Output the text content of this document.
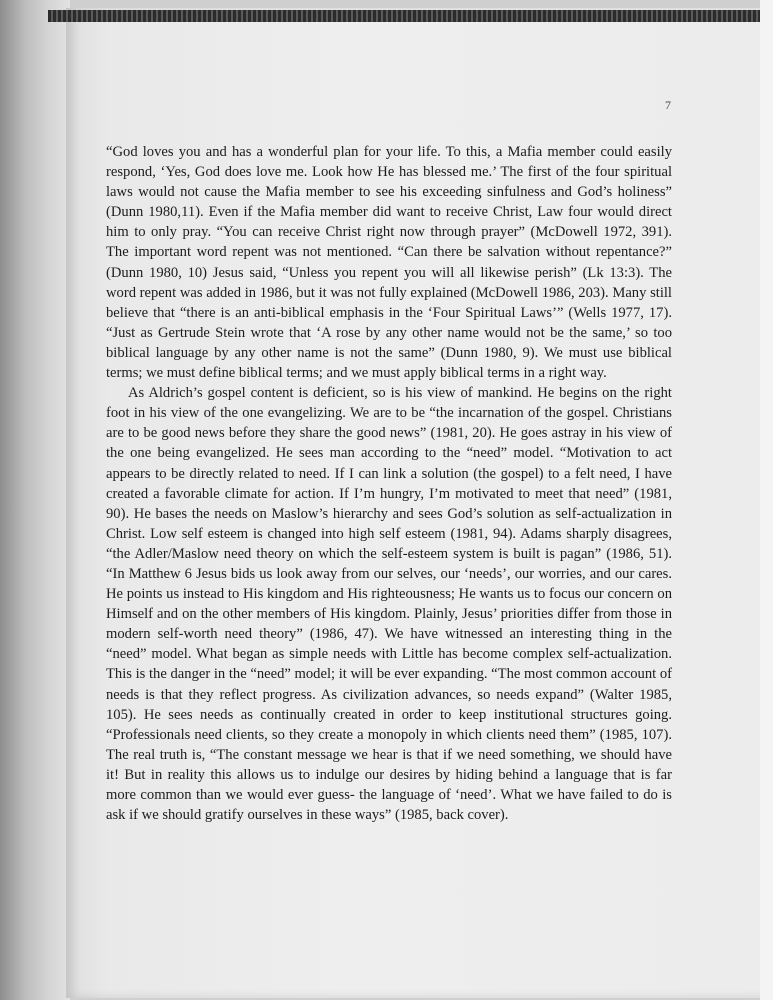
7

“God loves you and has a wonderful plan for your life. To this, a Mafia member could easily respond, ‘Yes, God does love me. Look how He has blessed me.’ The first of the four spiritual laws would not cause the Mafia member to see his exceeding sinfulness and God’s holiness” (Dunn 1980,11). Even if the Mafia member did want to receive Christ, Law four would direct him to only pray. “You can receive Christ right now through prayer” (McDowell 1972, 391). The important word repent was not mentioned. “Can there be salvation without repentance?” (Dunn 1980, 10) Jesus said, “Unless you repent you will all likewise perish” (Lk 13:3). The word repent was added in 1986, but it was not fully explained (McDowell 1986, 203). Many still believe that “there is an anti-biblical emphasis in the ‘Four Spiritual Laws’” (Wells 1977, 17). “Just as Gertrude Stein wrote that ‘A rose by any other name would not be the same,’ so too biblical language by any other name is not the same” (Dunn 1980, 9). We must use biblical terms; we must define biblical terms; and we must apply biblical terms in a right way.

As Aldrich’s gospel content is deficient, so is his view of mankind. He begins on the right foot in his view of the one evangelizing. We are to be “the incarnation of the gospel. Christians are to be good news before they share the good news” (1981, 20). He goes astray in his view of the one being evangelized. He sees man according to the “need” model. “Motivation to act appears to be directly related to need. If I can link a solution (the gospel) to a felt need, I have created a favorable climate for action. If I’m hungry, I’m motivated to meet that need” (1981, 90). He bases the needs on Maslow’s hierarchy and sees God’s solution as self-actualization in Christ. Low self esteem is changed into high self esteem (1981, 94). Adams sharply disagrees, “the Adler/Maslow need theory on which the self-esteem system is built is pagan” (1986, 51). “In Matthew 6 Jesus bids us look away from our selves, our ‘needs’, our worries, and our cares. He points us instead to His kingdom and His righteousness; He wants us to focus our concern on Himself and on the other members of His kingdom. Plainly, Jesus’ priorities differ from those in modern self-worth need theory” (1986, 47). We have witnessed an interesting thing in the “need” model. What began as simple needs with Little has become complex self-actualization. This is the danger in the “need” model; it will be ever expanding. “The most common account of needs is that they reflect progress. As civilization advances, so needs expand” (Walter 1985, 105). He sees needs as continually created in order to keep institutional structures going. “Professionals need clients, so they create a monopoly in which clients need them” (1985, 107). The real truth is, “The constant message we hear is that if we need something, we should have it! But in reality this allows us to indulge our desires by hiding behind a language that is far more common than we would ever guess- the language of ‘need’. What we have failed to do is ask if we should gratify ourselves in these ways” (1985, back cover).
